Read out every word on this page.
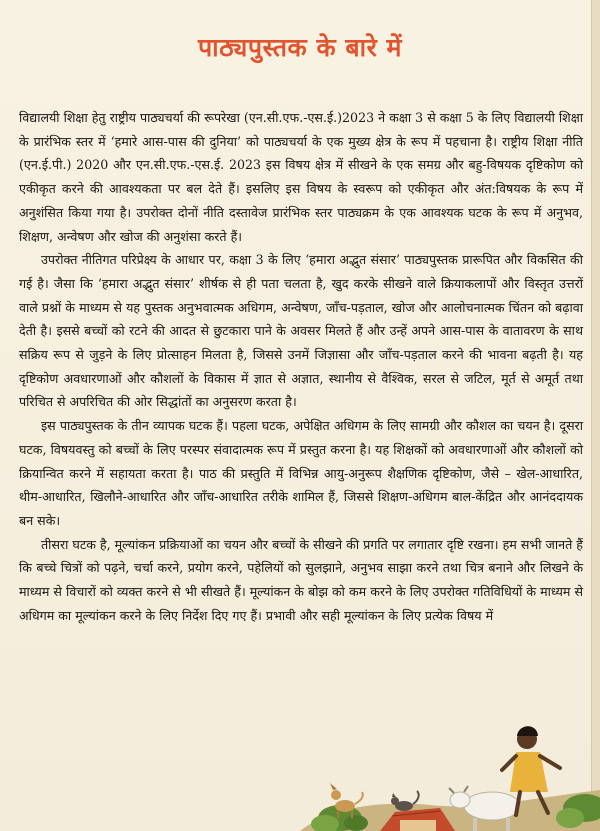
पाठ्यपुस्तक के बारे में

विद्यालयी शिक्षा हेतु राष्ट्रीय पाठ्यचर्या की रूपरेखा (एन.सी.एफ.-एस.ई.)2023 ने कक्षा 3 से कक्षा 5 के लिए विद्यालयी शिक्षा के प्रारंभिक स्तर में ‘हमारे आस-पास की दुनिया’ को पाठ्यचर्या के एक मुख्य क्षेत्र के रूप में पहचाना है। राष्ट्रीय शिक्षा नीति (एन.ई.पी.) 2020 और एन.सी.एफ.-एस.ई. 2023 इस विषय क्षेत्र में सीखने के एक समग्र और बहु-विषयक दृष्टिकोण को एकीकृत करने की आवश्यकता पर बल देते हैं। इसलिए इस विषय के स्वरूप को एकीकृत और अंत:विषयक के रूप में अनुशंसित किया गया है। उपरोक्त दोनों नीति दस्तावेज प्रारंभिक स्तर पाठ्यक्रम के एक आवश्यक घटक के रूप में अनुभव, शिक्षण, अन्वेषण और खोज की अनुशंसा करते हैं।

उपरोक्त नीतिगत परिप्रेक्ष्य के आधार पर, कक्षा 3 के लिए ‘हमारा अद्भुत संसार’ पाठ्यपुस्तक प्रारूपित और विकसित की गई है। जैसा कि ‘हमारा अद्भुत संसार’ शीर्षक से ही पता चलता है, खुद करके सीखने वाले क्रियाकलापों और विस्तृत उत्तरों वाले प्रश्नों के माध्यम से यह पुस्तक अनुभवात्मक अधिगम, अन्वेषण, जाँच-पड़ताल, खोज और आलोचनात्मक चिंतन को बढ़ावा देती है। इससे बच्चों को रटने की आदत से छुटकारा पाने के अवसर मिलते हैं और उन्हें अपने आस-पास के वातावरण के साथ सक्रिय रूप से जुड़ने के लिए प्रोत्साहन मिलता है, जिससे उनमें जिज्ञासा और जाँच-पड़ताल करने की भावना बढ़ती है। यह दृष्टिकोण अवधारणाओं और कौशलों के विकास में ज्ञात से अज्ञात, स्थानीय से वैश्विक, सरल से जटिल, मूर्त से अमूर्त तथा परिचित से अपरिचित की ओर सिद्धांतों का अनुसरण करता है।

इस पाठ्यपुस्तक के तीन व्यापक घटक हैं। पहला घटक, अपेक्षित अधिगम के लिए सामग्री और कौशल का चयन है। दूसरा घटक, विषयवस्तु को बच्चों के लिए परस्पर संवादात्मक रूप में प्रस्तुत करना है। यह शिक्षकों को अवधारणाओं और कौशलों को क्रियान्वित करने में सहायता करता है। पाठ की प्रस्तुति में विभिन्न आयु-अनुरूप शैक्षणिक दृष्टिकोण, जैसे – खेल-आधारित, थीम-आधारित, खिलौने-आधारित और जाँच-आधारित तरीके शामिल हैं, जिससे शिक्षण-अधिगम बाल-केंद्रित और आनंददायक बन सके।

तीसरा घटक है, मूल्यांकन प्रक्रियाओं का चयन और बच्चों के सीखने की प्रगति पर लगातार दृष्टि रखना। हम सभी जानते हैं कि बच्चे चित्रों को पढ़ने, चर्चा करने, प्रयोग करने, पहेलियों को सुलझाने, अनुभव साझा करने तथा चित्र बनाने और लिखने के माध्यम से विचारों को व्यक्त करने से भी सीखते हैं। मूल्यांकन के बोझ को कम करने के लिए उपरोक्त गतिविधियों के माध्यम से अधिगम का मूल्यांकन करने के लिए निर्देश दिए गए हैं। प्रभावी और सही मूल्यांकन के लिए प्रत्येक विषय में
